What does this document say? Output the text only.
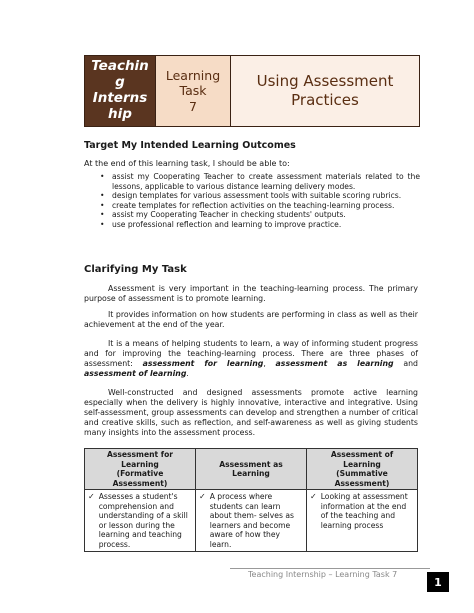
Teachin
g
Intern​s
hip
Learning
Task
7
Using Assessment
Practices
Target My Intended Learning Outcomes
At the end of this learning task, I should be able to:
• assist my Cooperating Teacher to create assessment materials related to the lessons, applicable to various distance learning delivery modes.
• design templates for various assessment tools with suitable scoring rubrics.
• create templates for reflection activities on the teaching-learning process.
• assist my Cooperating Teacher in checking students' outputs.
• use professional reflection and learning to improve practice.
Clarifying My Task

Assessment is very important in the teaching-learning process. The primary purpose of assessment is to promote learning.

It provides information on how students are performing in class as well as their achievement at the end of the year.

It is a means of helping students to learn, a way of informing student progress and for improving the teaching-learning process. There are three phases of assessment: assessment for learning, assessment as learning and assessment of learning.

Well-constructed and designed assessments promote active learning especially when the delivery is highly innovative, interactive and integrative. Using self-assessment, group assessments can develop and strengthen a number of critical and creative skills, such as reflection, and self-awareness as well as giving students many insights into the assessment process.

Assessment for
Learning
(Formative
Assessment)	Assessment as
Learning	Assessment of
Learning
(Summative
Assessment)

✓ Assesses a student's comprehension and understanding of a skill or lesson during the learning and teaching process.	✓ A process where students can learn about them- selves as learners and become aware of how they learn.	✓ Looking at assessment information at the end of the teaching and learning process
Teaching Internship – Learning Task 7
1
